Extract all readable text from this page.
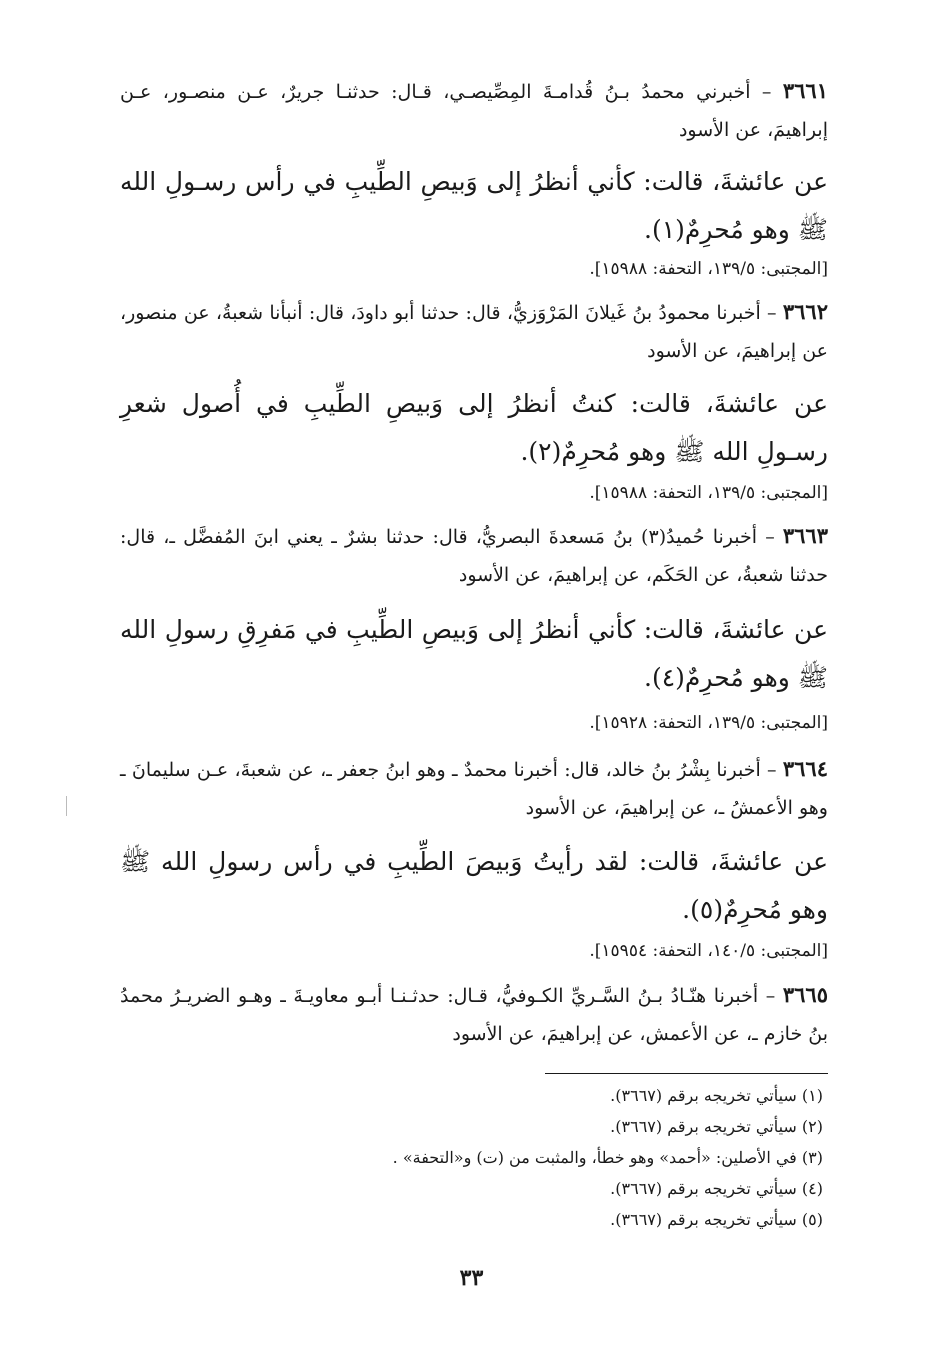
٣٦٦١ – أخبرني محمدُ بـنُ قُدامـةَ المِصِّيصـي، قـال: حدثنـا جريرٌ، عـن منصـور، عـن إبراهيمَ، عن الأسود
عن عائشةَ، قالت: كأني أنظرُ إلى وَبيصِ الطِّيبِ في رأس رسـولِ الله ﷺ وهو مُحرِمٌ(١).
[المجتبى: ١٣٩/٥، التحفة: ١٥٩٨٨].
٣٦٦٢ – أخبرنا محمودُ بنُ غَيلانَ المَرْوَزيُّ، قال: حدثنا أبو داودَ، قال: أنبأنا شعبةُ، عن منصور، عن إبراهيمَ، عن الأسود
عن عائشةَ، قالت: كنتُ أنظرُ إلى وَبيصِ الطِّيبِ في أُصول شعرِ رسـولِ الله ﷺ وهو مُحرِمٌ(٢).
[المجتبى: ١٣٩/٥، التحفة: ١٥٩٨٨].
٣٦٦٣ – أخبرنا حُميدُ(٣) بنُ مَسعدةَ البصريُّ، قال: حدثنا بشرٌ ـ يعني ابنَ المُفضَّل ـ، قال: حدثنا شعبةُ، عن الحَكَم، عن إبراهيمَ، عن الأسود
عن عائشةَ، قالت: كأني أنظرُ إلى وَبيصِ الطِّيبِ في مَفرِقِ رسولِ الله ﷺ وهو مُحرِمٌ(٤).
[المجتبى: ١٣٩/٥، التحفة: ١٥٩٢٨].
٣٦٦٤ – أخبرنا بِشْرُ بنُ خالد، قال: أخبرنا محمدٌ ـ وهو ابنُ جعفر ـ، عن شعبةَ، عـن سليمانَ ـ وهو الأعمشُ ـ، عن إبراهيمَ، عن الأسود
عن عائشةَ، قالت: لقد رأيتُ وَبيصَ الطِّيبِ في رأس رسولِ الله ﷺ وهو مُحرِمٌ(٥).
[المجتبى: ١٤٠/٥، التحفة: ١٥٩٥٤].
٣٦٦٥ – أخبرنا هنّـادُ بـنُ السَّـريِّ الكـوفيُّ، قـال: حدثـنـا أبـو معاويـةَ ـ وهـو الضريـرُ محمدُ بنُ خازم ـ، عن الأعمش، عن إبراهيمَ، عن الأسود
(١) سيأتي تخريجه برقم (٣٦٦٧).
(٢) سيأتي تخريجه برقم (٣٦٦٧).
(٣) في الأصلين: «أحمد» وهو خطأ، والمثبت من (ت) و«التحفة» .
(٤) سيأتي تخريجه برقم (٣٦٦٧).
(٥) سيأتي تخريجه برقم (٣٦٦٧).
٣٣
